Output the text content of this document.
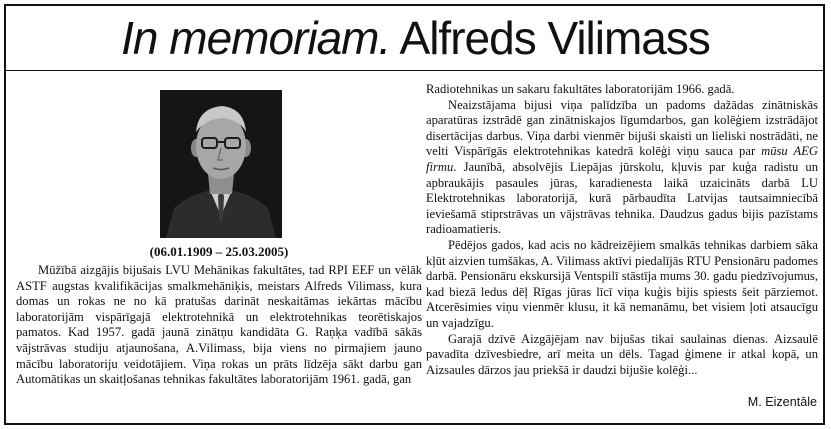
In memoriam. Alfreds Vilimass
(06.01.1909 – 25.03.2005)

Mūžībā aizgājis bijušais LVU Mehānikas fakultātes, tad RPI EEF un vēlāk ASTF augstas kvalifikācijas smalkmehāniķis, meistars Alfreds Vilimass, kura domas un rokas ne no kā pratušas darināt neskaitāmas iekārtas mācību laboratorijām vispārīgajā elektrotehnikā un elektrotehnikas teorētiskajos pamatos. Kad 1957. gadā jaunā zinātņu kandidāta G. Raņķa vadībā sākās vājstrāvas studiju atjaunošana, A.Vilimass, bija viens no pirmajiem jauno mācību laboratoriju veidotājiem. Viņa rokas un prāts līdzēja sākt darbu gan Automātikas un skaitļošanas tehnikas fakultātes laboratorijām 1961. gadā, gan

Radiotehnikas un sakaru fakultātes laboratorijām 1966. gadā.

Neaizstājama bijusi viņa palīdzība un padoms dažādas zinātniskās aparatūras izstrādē gan zinātniskajos līgumdarbos, gan kolēģiem izstrādājot disertācijas darbus. Viņa darbi vienmēr bijuši skaisti un lieliski nostrādāti, ne velti Vispārīgās elektrotehnikas katedrā kolēģi viņu sauca par mūsu AEG firmu. Jaunībā, absolvējis Liepājas jūrskolu, kļuvis par kuģa radistu un apbraukājis pasaules jūras, karadienesta laikā uzaicināts darbā LU Elektrotehnikas laboratorijā, kurā pārbaudīta Latvijas tautsaimniecībā ieviešamā stiprstrāvas un vājstrāvas tehnika. Daudzus gadus bijis pazīstams radioamatieris.

Pēdējos gados, kad acis no kādreizējiem smalkās tehnikas darbiem sāka kļūt aizvien tumšākas, A. Vilimass aktīvi piedalījās RTU Pensionāru padomes darbā. Pensionāru ekskursijā Ventspilī stāstīja mums 30. gadu piedzīvojumus, kad biezā ledus dēļ Rīgas jūras līcī viņa kuģis bijis spiests šeit pārziemot. Atcerēsimies viņu vienmēr klusu, it kā nemanāmu, bet visiem ļoti atsaucīgu un vajadzīgu.

Garajā dzīvē Aizgājējam nav bijušas tikai saulainas dienas. Aizsaulē pavadīta dzīvesbiedre, arī meita un dēls. Tagad ģimene ir atkal kopā, un Aizsaules dārzos jau priekšā ir daudzi bijušie kolēģi...

M. Eizentāle
